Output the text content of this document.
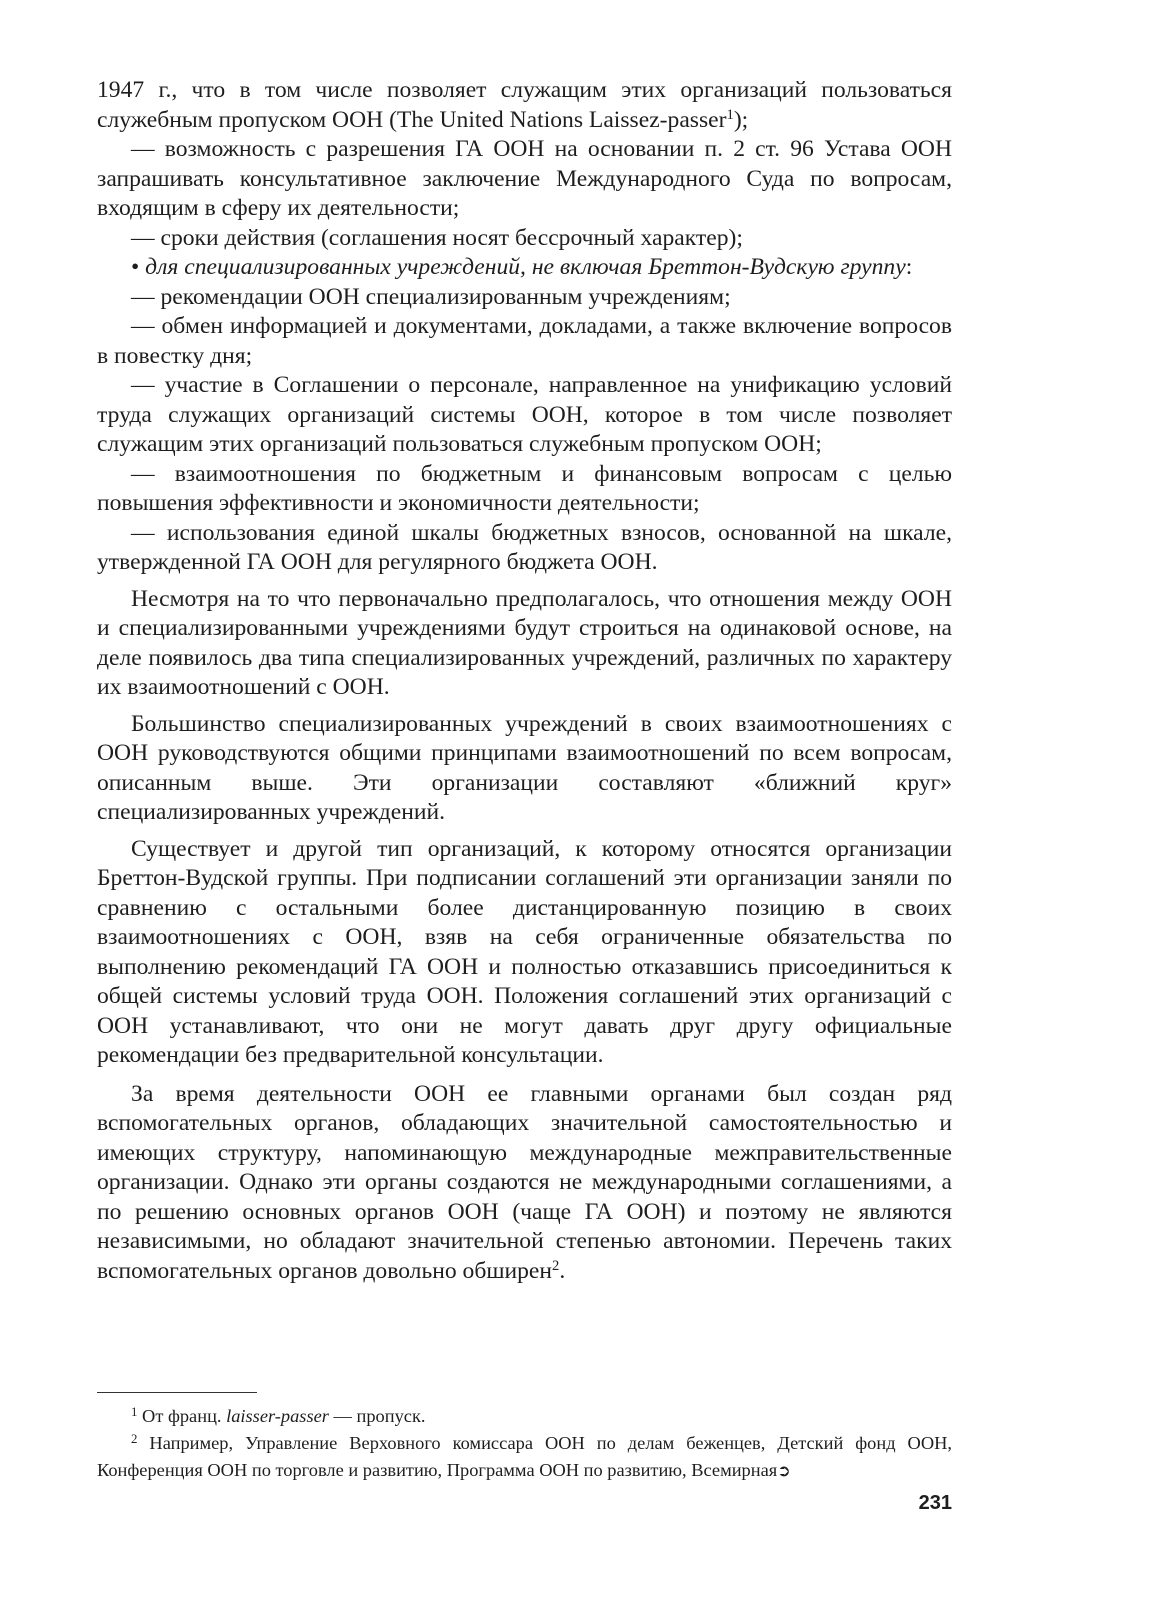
1947 г., что в том числе позволяет служащим этих организаций пользоваться служебным пропуском ООН (The United Nations Laissez-passer$^1$);

— возможность с разрешения ГА ООН на основании п. 2 ст. 96 Устава ООН запрашивать консультативное заключение Международного Суда по вопросам, входящим в сферу их деятельности;

— сроки действия (соглашения носят бессрочный характер);

• для специализированных учреждений, не включая Бреттон-Вудскую группу:

— рекомендации ООН специализированным учреждениям;

— обмен информацией и документами, докладами, а также включение вопросов в повестку дня;

— участие в Соглашении о персонале, направленное на унификацию условий труда служащих организаций системы ООН, которое в том числе позволяет служащим этих организаций пользоваться служебным пропуском ООН;

— взаимоотношения по бюджетным и финансовым вопросам с целью повышения эффективности и экономичности деятельности;

— использования единой шкалы бюджетных взносов, основанной на шкале, утвержденной ГА ООН для регулярного бюджета ООН.

Несмотря на то что первоначально предполагалось, что отношения между ООН и специализированными учреждениями будут строиться на одинаковой основе, на деле появилось два типа специализированных учреждений, различных по характеру их взаимоотношений с ООН.

Большинство специализированных учреждений в своих взаимоотношениях с ООН руководствуются общими принципами взаимоотношений по всем вопросам, описанным выше. Эти организации составляют «ближний круг» специализированных учреждений.

Существует и другой тип организаций, к которому относятся организации Бреттон-Вудской группы. При подписании соглашений эти организации заняли по сравнению с остальными более дистанцированную позицию в своих взаимоотношениях с ООН, взяв на себя ограниченные обязательства по выполнению рекомендаций ГА ООН и полностью отказавшись присоединиться к общей системы условий труда ООН. Положения соглашений этих организаций с ООН устанавливают, что они не могут давать друг другу официальные рекомендации без предварительной консультации.

За время деятельности ООН ее главными органами был создан ряд вспомогательных органов, обладающих значительной самостоятельностью и имеющих структуру, напоминающую международные межправительственные организации. Однако эти органы создаются не международными соглашениями, а по решению основных органов ООН (чаще ГА ООН) и поэтому не являются независимыми, но обладают значительной степенью автономии. Перечень таких вспомогательных органов довольно обширен$^2$.

$^1$ От франц. laisser-passer — пропуск.

$^2$ Например, Управление Верховного комиссара ООН по делам беженцев, Детский фонд ООН, Конференция ООН по торговле и развитию, Программа ООН по развитию, Всемирная➲

231
